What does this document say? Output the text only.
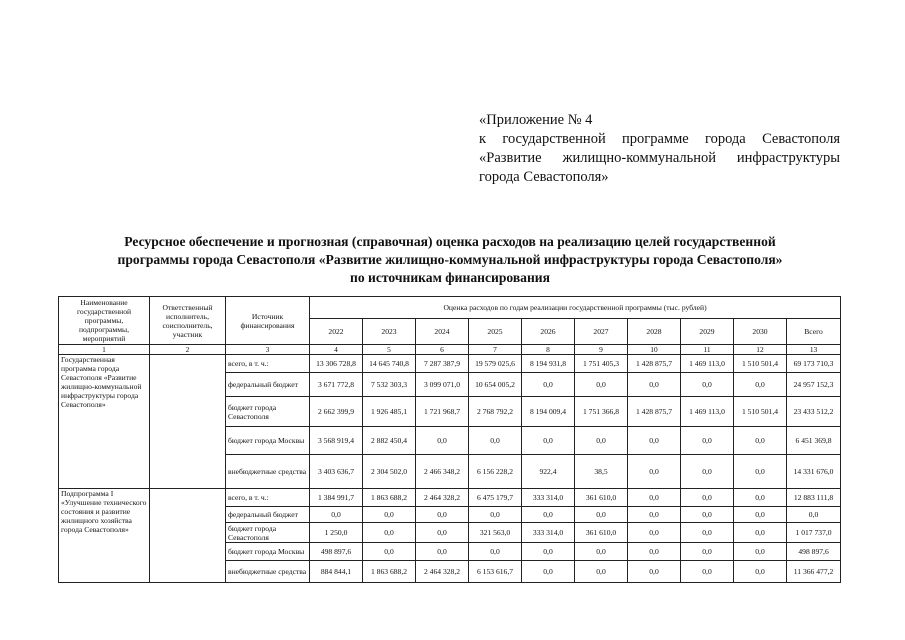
«Приложение № 4
к государственной программе города Севастополя
«Развитие жилищно-коммунальной инфраструктуры
города Севастополя»
Ресурсное обеспечение и прогнозная (справочная) оценка расходов на реализацию целей государственной
программы города Севастополя «Развитие жилищно-коммунальной инфраструктуры города Севастополя»
по источникам финансирования
Наименование государственной программы, подпрограммы, мероприятий	Ответственный исполнитель, соисполнитель, участник	Источник финансирования	Оценка расходов по годам реализации государственной программы (тыс. рублей)									
			2022	2023	2024	2025	2026	2027	2028	2029	2030	Всего
1	2	3	4	5	6	7	8	9	10	11	12	13
Государственная программа города Севастополя «Развитие жилищно-коммунальной инфраструктуры города Севастополя»		всего, в т. ч.:	13 306 728,8	14 645 740,8	7 287 387,9	19 579 025,6	8 194 931,8	1 751 405,3	1 428 875,7	1 469 113,0	1 510 501,4	69 173 710,3
		федеральный бюджет	3 671 772,8	7 532 303,3	3 099 071,0	10 654 005,2	0,0	0,0	0,0	0,0	0,0	24 957 152,3
		бюджет города Севастополя	2 662 399,9	1 926 485,1	1 721 968,7	2 768 792,2	8 194 009,4	1 751 366,8	1 428 875,7	1 469 113,0	1 510 501,4	23 433 512,2
		бюджет города Москвы	3 568 919,4	2 882 450,4	0,0	0,0	0,0	0,0	0,0	0,0	0,0	6 451 369,8
		внебюджетные средства	3 403 636,7	2 304 502,0	2 466 348,2	6 156 228,2	922,4	38,5	0,0	0,0	0,0	14 331 676,0
Подпрограмма I «Улучшение технического состояния и развитие жилищного хозяйства города Севастополя»		всего, в т. ч.:	1 384 991,7	1 863 688,2	2 464 328,2	6 475 179,7	333 314,0	361 610,0	0,0	0,0	0,0	12 883 111,8
		федеральный бюджет	0,0	0,0	0,0	0,0	0,0	0,0	0,0	0,0	0,0	0,0
		бюджет города Севастополя	1 250,0	0,0	0,0	321 563,0	333 314,0	361 610,0	0,0	0,0	0,0	1 017 737,0
		бюджет города Москвы	498 897,6	0,0	0,0	0,0	0,0	0,0	0,0	0,0	0,0	498 897,6
		внебюджетные средства	884 844,1	1 863 688,2	2 464 328,2	6 153 616,7	0,0	0,0	0,0	0,0	0,0	11 366 477,2
